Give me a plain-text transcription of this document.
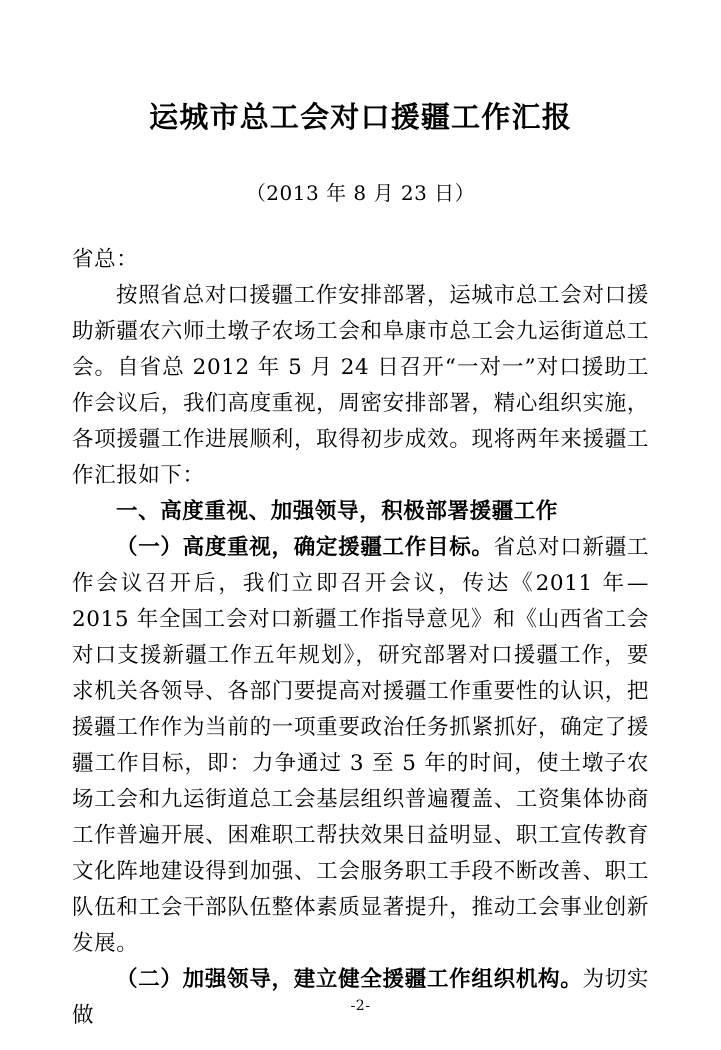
运城市总工会对口援疆工作汇报

（2013 年 8 月 23 日）

省总：

按照省总对口援疆工作安排部署，运城市总工会对口援助新疆农六师土墩子农场工会和阜康市总工会九运街道总工会。自省总 2012 年 5 月 24 日召开“一对一”对口援助工作会议后，我们高度重视，周密安排部署，精心组织实施，各项援疆工作进展顺利，取得初步成效。现将两年来援疆工作汇报如下：

一、高度重视、加强领导，积极部署援疆工作

（一）高度重视，确定援疆工作目标。省总对口新疆工作会议召开后，我们立即召开会议，传达《2011 年—2015 年全国工会对口新疆工作指导意见》和《山西省工会对口支援新疆工作五年规划》，研究部署对口援疆工作，要求机关各领导、各部门要提高对援疆工作重要性的认识，把援疆工作作为当前的一项重要政治任务抓紧抓好，确定了援疆工作目标，即：力争通过 3 至 5 年的时间，使土墩子农场工会和九运街道总工会基层组织普遍覆盖、工资集体协商工作普遍开展、困难职工帮扶效果日益明显、职工宣传教育文化阵地建设得到加强、工会服务职工手段不断改善、职工队伍和工会干部队伍整体素质显著提升，推动工会事业创新发展。

（二）加强领导，建立健全援疆工作组织机构。为切实做	-2-
